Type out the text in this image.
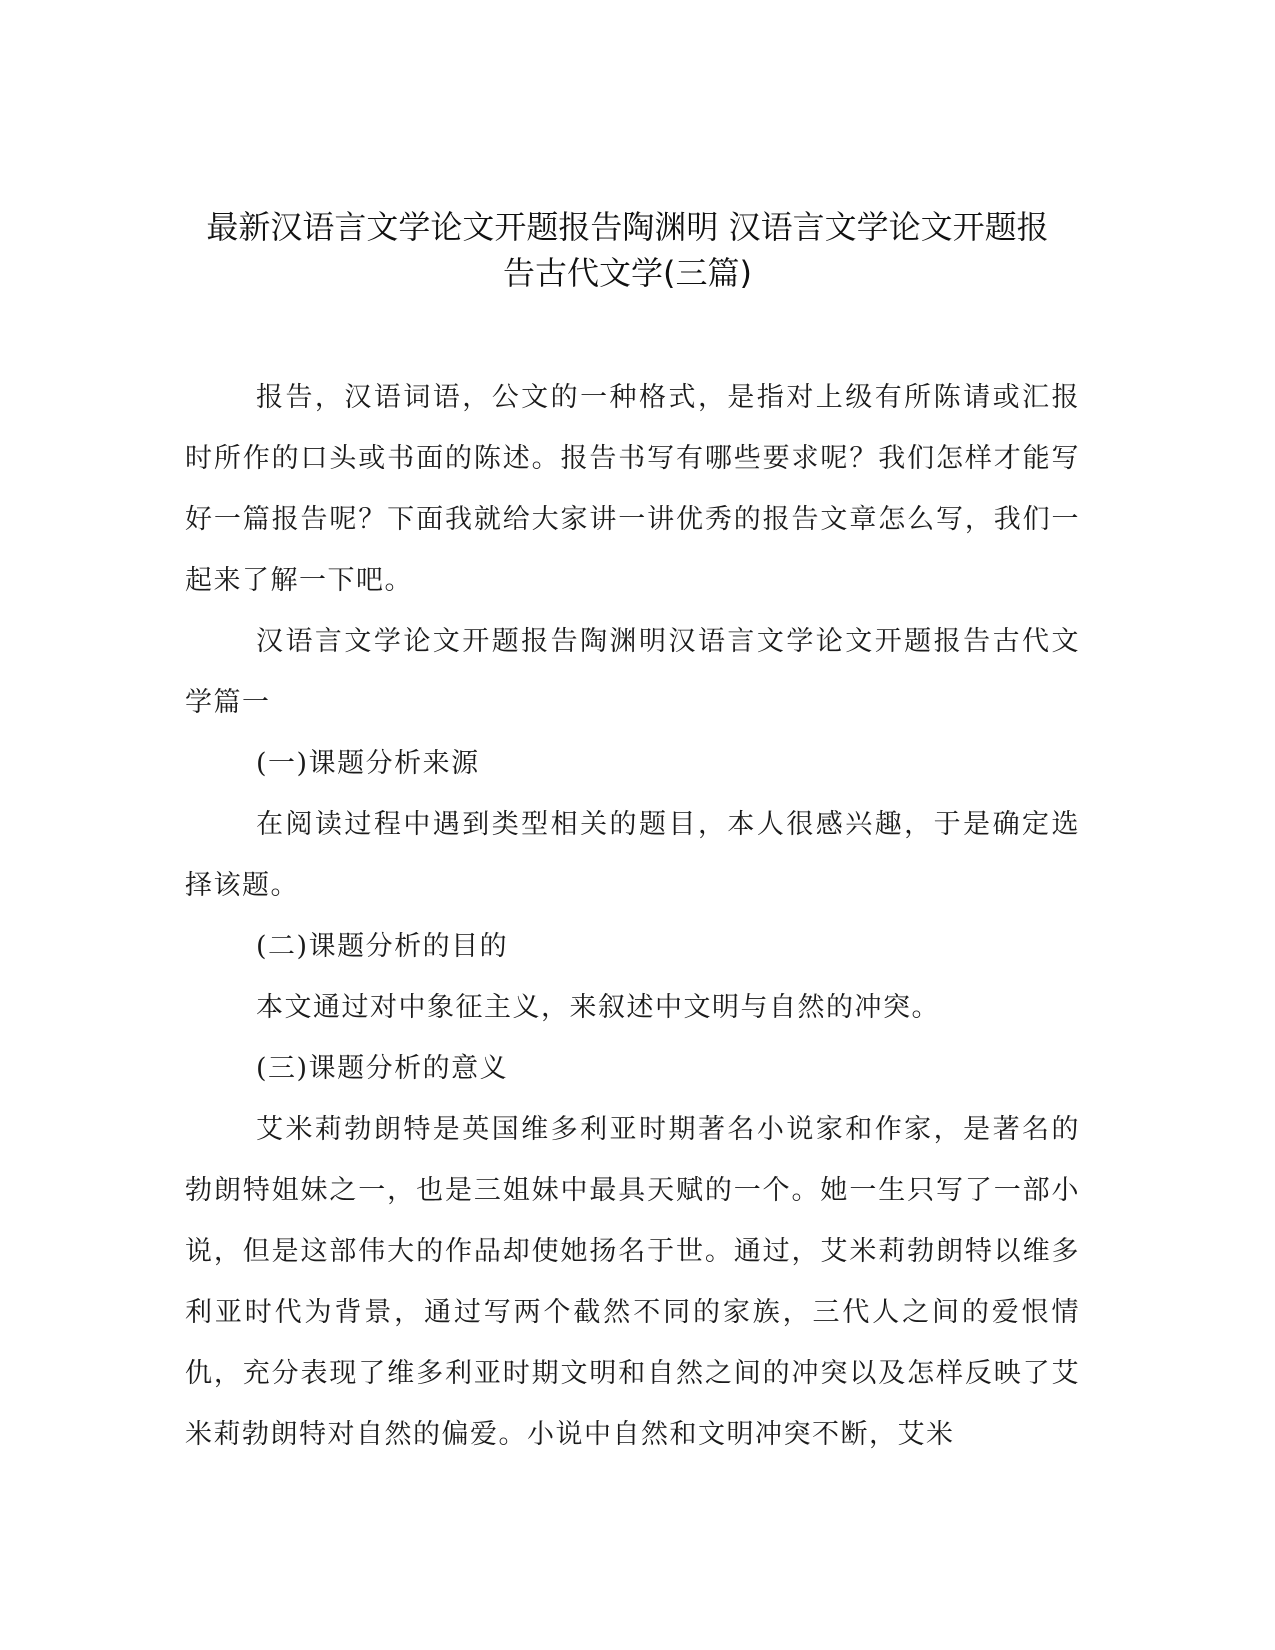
最新汉语言文学论文开题报告陶渊明 汉语言文学论文开题报
告古代文学(三篇)

报告，汉语词语，公文的一种格式，是指对上级有所陈请或汇报时所作的口头或书面的陈述。报告书写有哪些要求呢？我们怎样才能写好一篇报告呢？下面我就给大家讲一讲优秀的报告文章怎么写，我们一起来了解一下吧。

汉语言文学论文开题报告陶渊明汉语言文学论文开题报告古代文学篇一

(一)课题分析来源

在阅读过程中遇到类型相关的题目，本人很感兴趣，于是确定选择该题。

(二)课题分析的目的

本文通过对中象征主义，来叙述中文明与自然的冲突。

(三)课题分析的意义

艾米莉勃朗特是英国维多利亚时期著名小说家和作家，是著名的勃朗特姐妹之一，也是三姐妹中最具天赋的一个。她一生只写了一部小说，但是这部伟大的作品却使她扬名于世。通过，艾米莉勃朗特以维多利亚时代为背景，通过写两个截然不同的家族，三代人之间的爱恨情仇，充分表现了维多利亚时期文明和自然之间的冲突以及怎样反映了艾米莉勃朗特对自然的偏爱。小说中自然和文明冲突不断，艾米
